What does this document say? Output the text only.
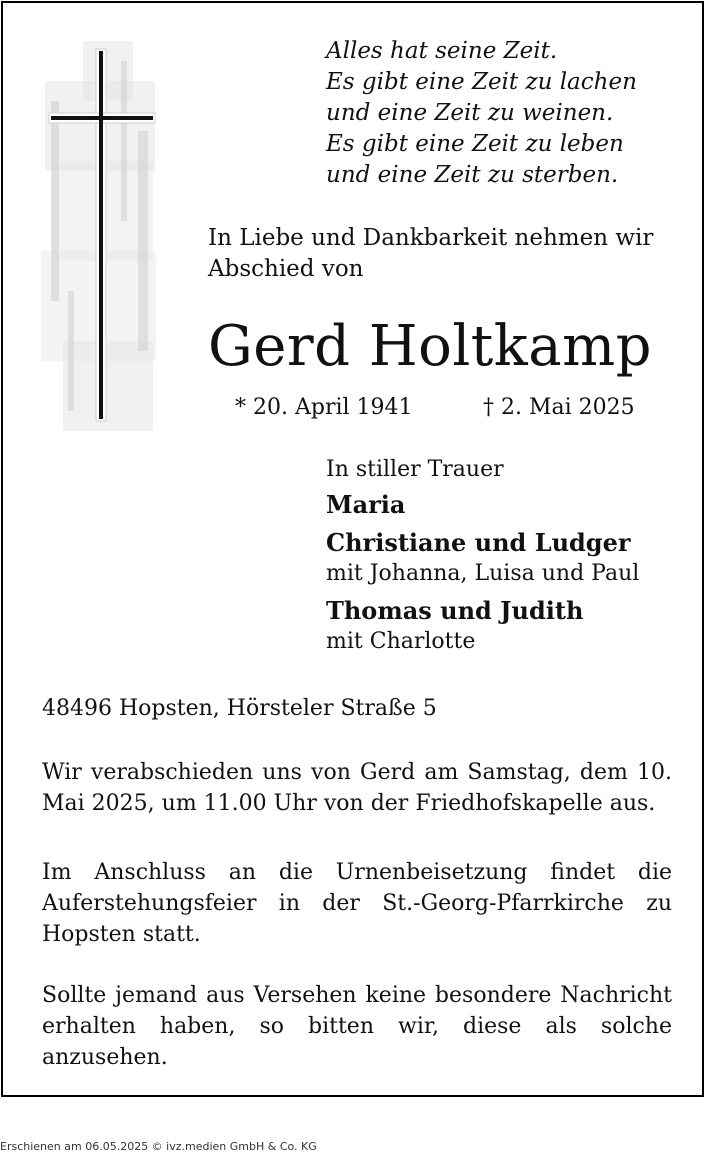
Alles hat seine Zeit.
Es gibt eine Zeit zu lachen
und eine Zeit zu weinen.
Es gibt eine Zeit zu leben
und eine Zeit zu sterben.
In Liebe und Dankbarkeit nehmen wir
Abschied von
Gerd Holtkamp
* 20. April 1941	† 2. Mai 2025
In stiller Trauer
Maria
Christiane und Ludger
mit Johanna, Luisa und Paul
Thomas und Judith
mit Charlotte
48496 Hopsten, Hörsteler Straße 5
Wir verabschieden uns von Gerd am Samstag, dem 10. Mai 2025, um 11.00 Uhr von der Friedhofskapelle aus.
Im Anschluss an die Urnenbeisetzung findet die Auferstehungsfeier in der St.-Georg-Pfarrkirche zu Hopsten statt.
Sollte jemand aus Versehen keine besondere Nachricht erhalten haben, so bitten wir, diese als solche anzusehen.
Erschienen am 06.05.2025 © ivz.medien GmbH & Co. KG
